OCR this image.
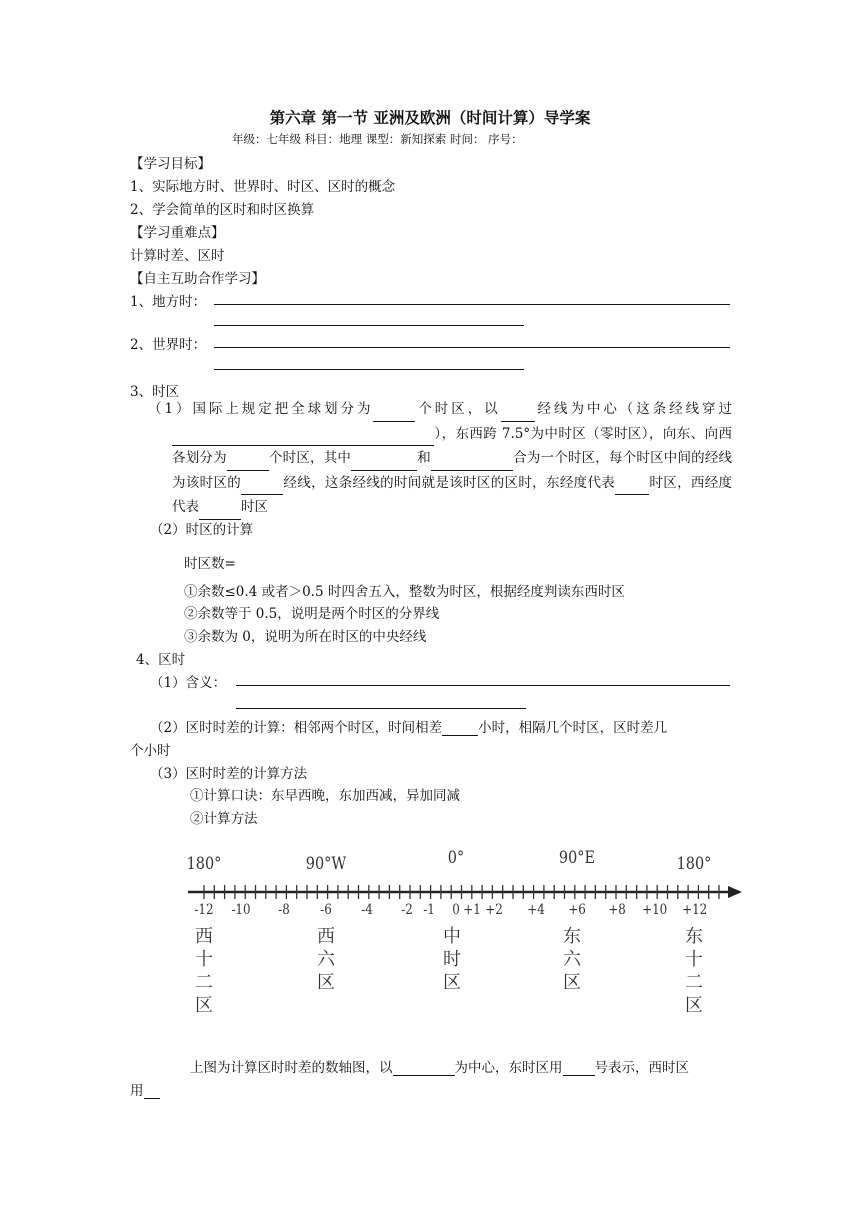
第六章 第一节 亚洲及欧洲（时间计算）导学案
年级：七年级 科目：地理 课型：新知探索 时间： 序号：
【学习目标】
1、实际地方时、世界时、时区、区时的概念
2、学会简单的区时和时区换算
【学习重难点】
计算时差、区时
【自主互助合作学习】
1、地方时：
2、世界时：
3、时区
（1）国际上规定把全球划分为	个时区，以	经线为中心（这条经线穿过），东西跨 7.5°为中时区（零时区），向东、向西各划分为	个时区，其中	和	合为一个时区，每个时区中间的经线为该时区的	经线，这条经线的时间就是该时区的区时，东经度代表	时区，西经度代表	时区
（2）时区的计算
时区数=
①余数≤0.4 或者＞0.5 时四舍五入，整数为时区，根据经度判读东西时区
②余数等于 0.5，说明是两个时区的分界线
③余数为 0，说明为所在时区的中央经线
4、区时
（1）含义：
（2）区时时差的计算：相邻两个时区，时间相差	小时，相隔几个时区，区时差几
个小时
（3）区时时差的计算方法
①计算口诀：东早西晚，东加西减，异加同减
②计算方法
180°	90°W	0°	90°E	180°
-12 -10	-8	-6	-4	-2 -1	0 +1 +2 +4 +6 +8 +10 +12
西
十
二
区
西
六
区
中
时
区
东
六
区
东
十
二
区
上图为计算区时时差的数轴图，以	为中心，东时区用 号表示，西时区
用
